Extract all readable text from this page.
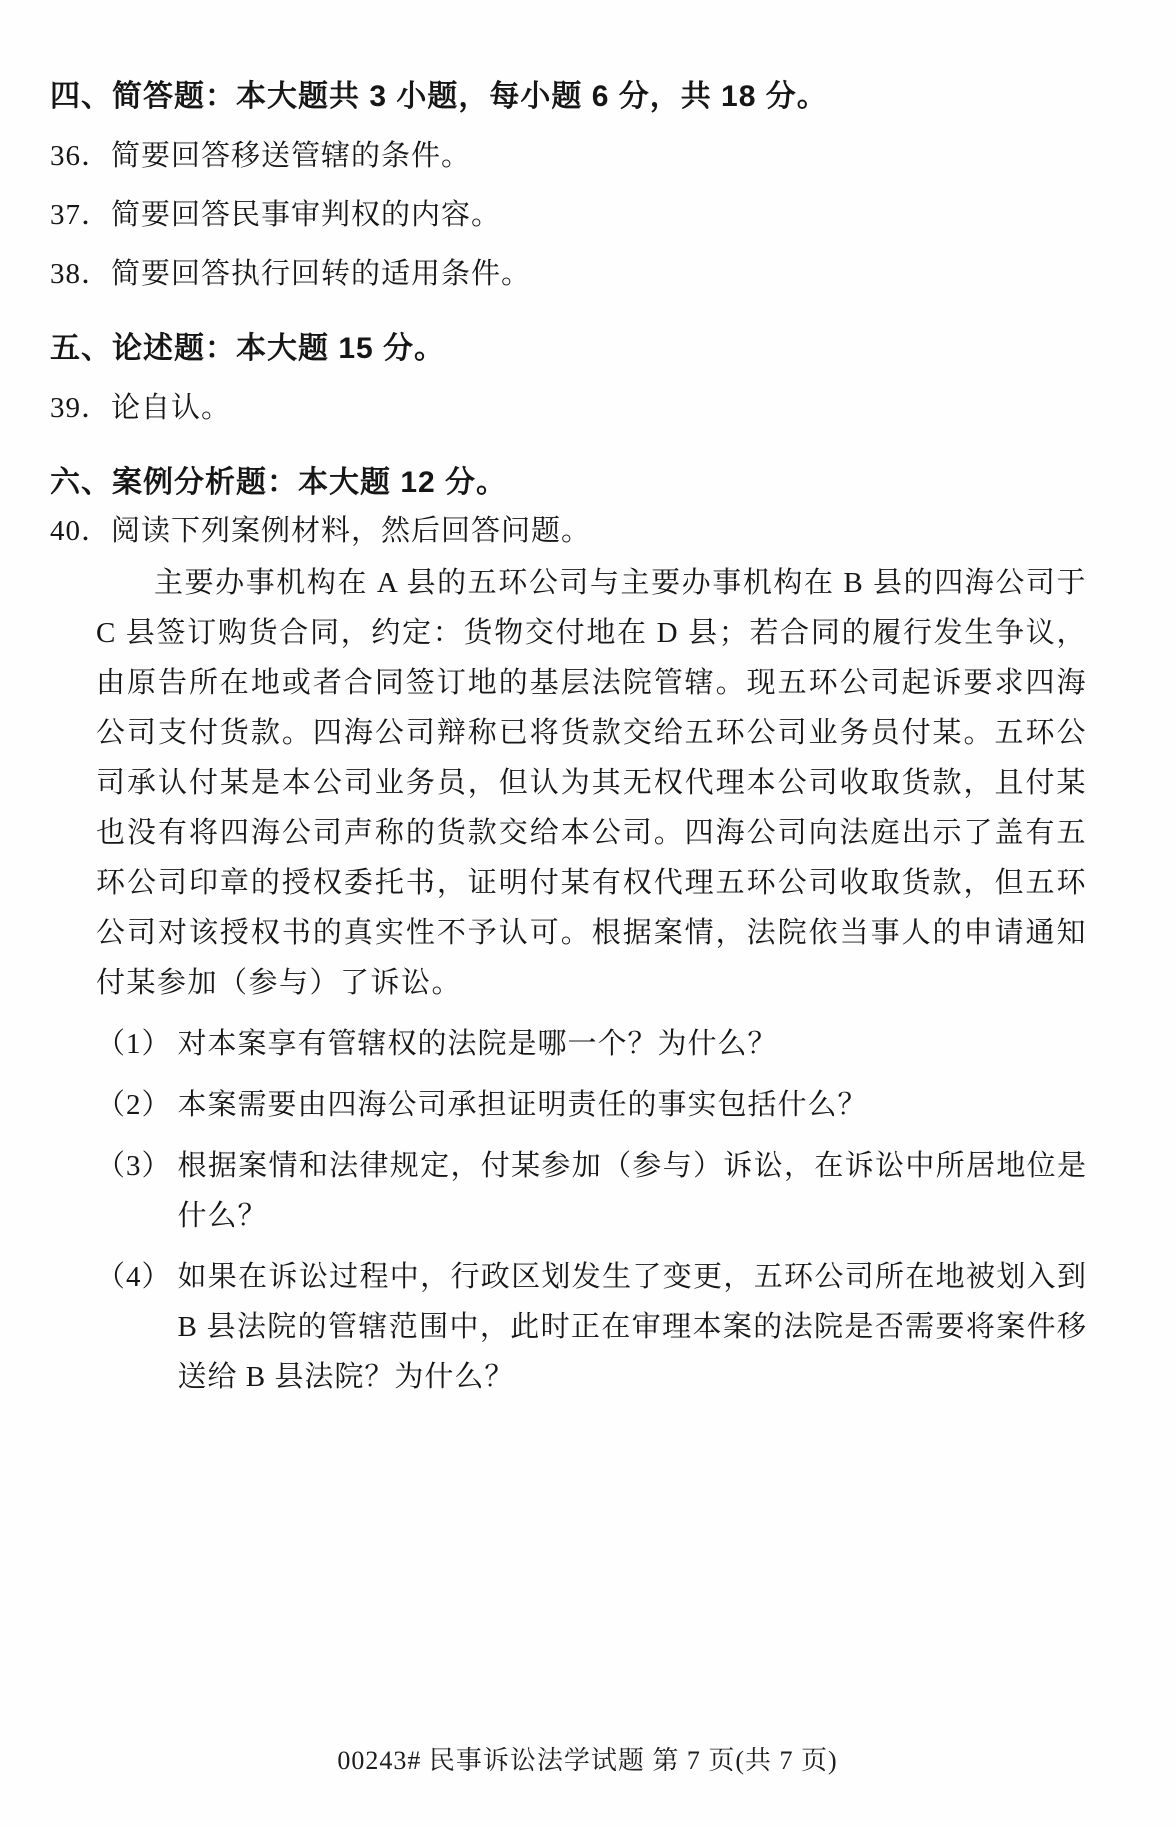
四、简答题：本大题共 3 小题，每小题 6 分，共 18 分。
36． 简要回答移送管辖的条件。
37． 简要回答民事审判权的内容。
38． 简要回答执行回转的适用条件。
五、论述题：本大题 15 分。
39． 论自认。
六、案例分析题：本大题 12 分。
40． 阅读下列案例材料，然后回答问题。

主要办事机构在 A 县的五环公司与主要办事机构在 B 县的四海公司于 C 县签订购货合同，约定：货物交付地在 D 县；若合同的履行发生争议，由原告所在地或者合同签订地的基层法院管辖。现五环公司起诉要求四海公司支付货款。四海公司辩称已将货款交给五环公司业务员付某。五环公司承认付某是本公司业务员，但认为其无权代理本公司收取货款，且付某也没有将四海公司声称的货款交给本公司。四海公司向法庭出示了盖有五环公司印章的授权委托书，证明付某有权代理五环公司收取货款，但五环公司对该授权书的真实性不予认可。根据案情，法院依当事人的申请通知付某参加（参与）了诉讼。

（1） 对本案享有管辖权的法院是哪一个？为什么？
（2） 本案需要由四海公司承担证明责任的事实包括什么？
（3） 根据案情和法律规定，付某参加（参与）诉讼，在诉讼中所居地位是什么？
（4） 如果在诉讼过程中，行政区划发生了变更，五环公司所在地被划入到 B 县法院的管辖范围中，此时正在审理本案的法院是否需要将案件移送给 B 县法院？为什么？
00243# 民事诉讼法学试题 第 7 页(共 7 页)
